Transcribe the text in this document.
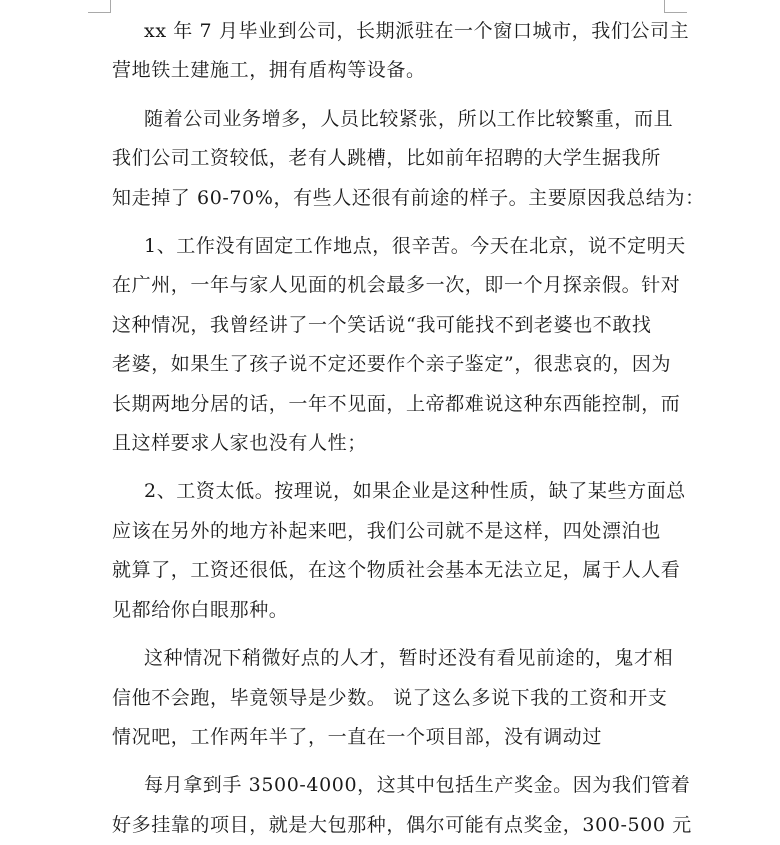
xx 年 7 月毕业到公司，长期派驻在一个窗口城市，我们公司主
营地铁土建施工，拥有盾构等设备。

随着公司业务增多，人员比较紧张，所以工作比较繁重，而且
我们公司工资较低，老有人跳槽，比如前年招聘的大学生据我所
知走掉了 60-70%，有些人还很有前途的样子。主要原因我总结为：

1、工作没有固定工作地点，很辛苦。今天在北京，说不定明天
在广州，一年与家人见面的机会最多一次，即一个月探亲假。针对
这种情况，我曾经讲了一个笑话说“我可能找不到老婆也不敢找
老婆，如果生了孩子说不定还要作个亲子鉴定”，很悲哀的，因为
长期两地分居的话，一年不见面，上帝都难说这种东西能控制，而
且这样要求人家也没有人性；

2、工资太低。按理说，如果企业是这种性质，缺了某些方面总
应该在另外的地方补起来吧，我们公司就不是这样，四处漂泊也
就算了，工资还很低，在这个物质社会基本无法立足，属于人人看
见都给你白眼那种。

这种情况下稍微好点的人才，暂时还没有看见前途的，鬼才相
信他不会跑，毕竟领导是少数。 说了这么多说下我的工资和开支
情况吧，工作两年半了，一直在一个项目部，没有调动过

每月拿到手 3500-4000，这其中包括生产奖金。因为我们管着
好多挂靠的项目，就是大包那种，偶尔可能有点奖金，300-500 元
